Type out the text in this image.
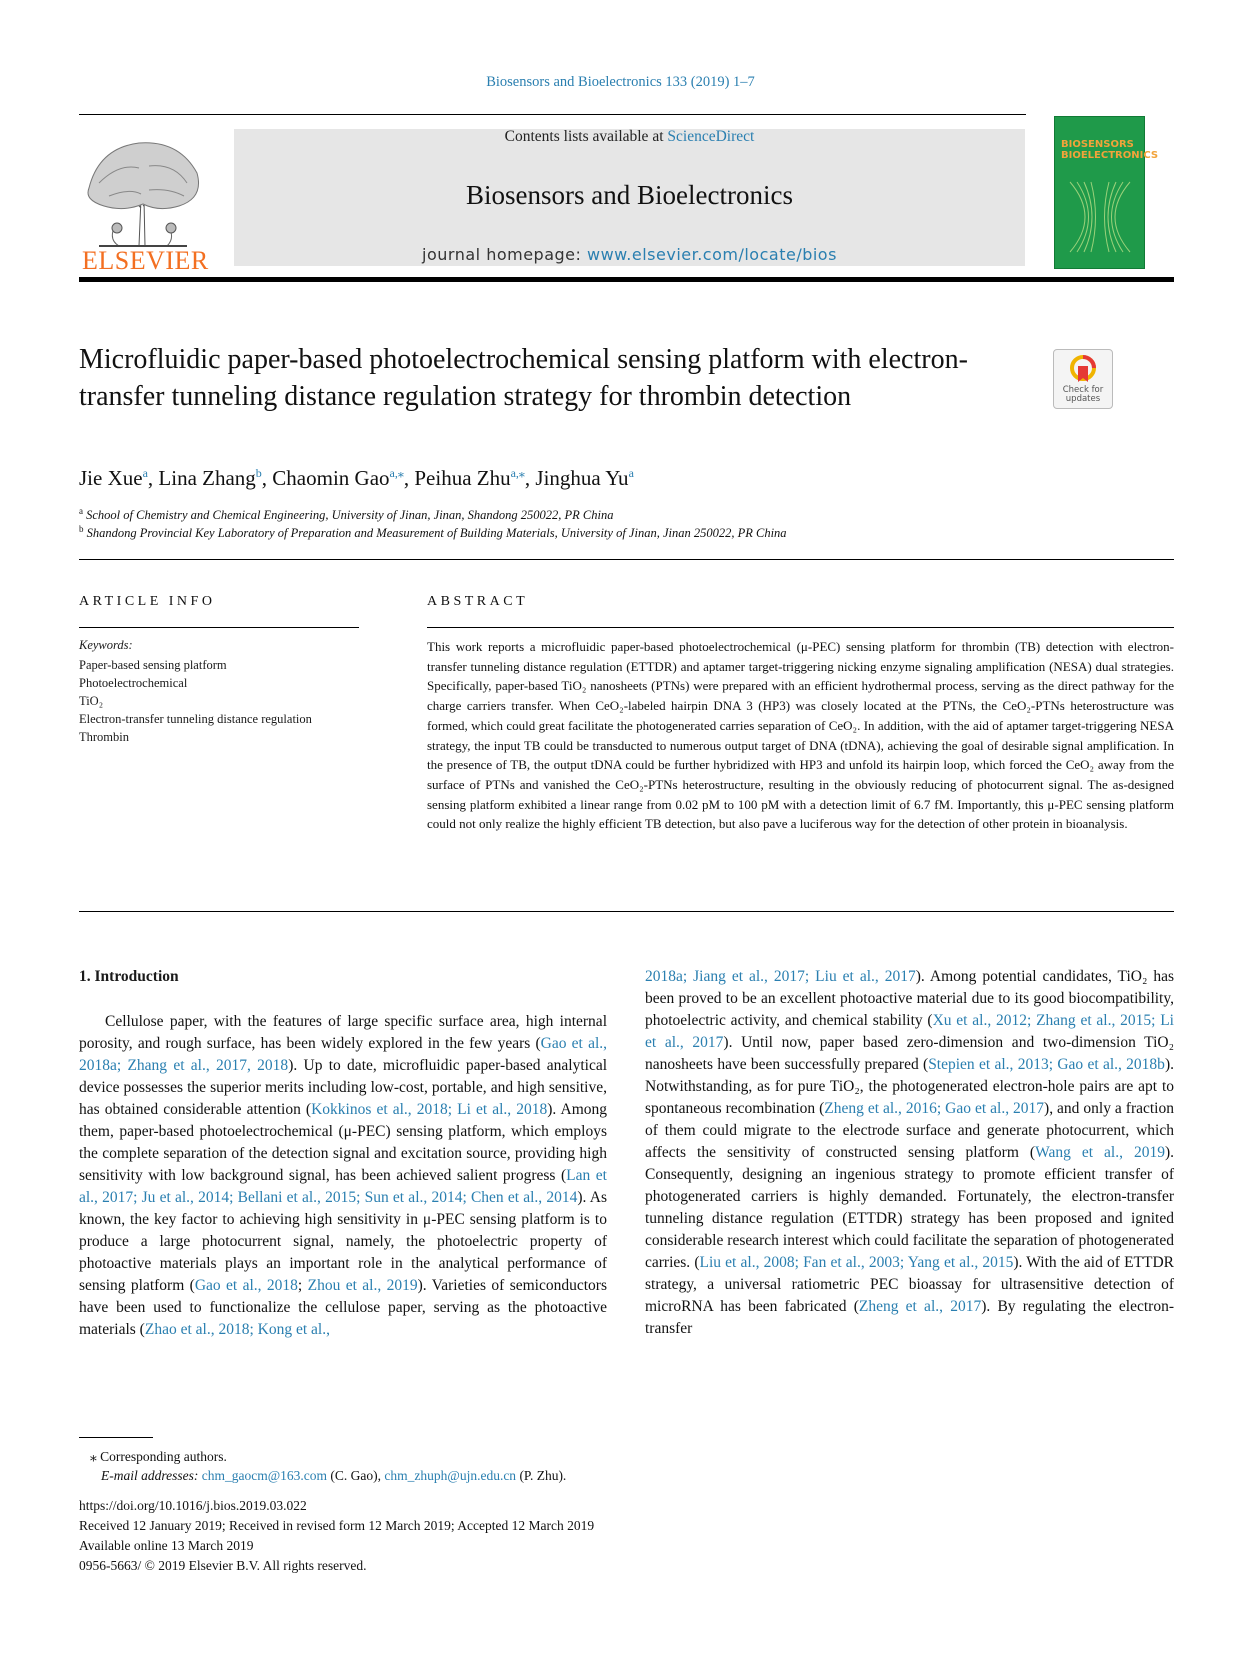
Biosensors and Bioelectronics 133 (2019) 1–7
ELSEVIER
Contents lists available at ScienceDirect
Biosensors and Bioelectronics
journal homepage: www.elsevier.com/locate/bios
BIOSENSORS
BIOELECTRONICS
Microfluidic paper-based photoelectrochemical sensing platform with electron-transfer tunneling distance regulation strategy for thrombin detection	Check for
updates
Jie Xue$^a$, Lina Zhang$^b$, Chaomin Gao$^{a,⁎}$, Peihua Zhu$^{a,⁎}$, Jinghua Yu$^a$
$^a$ School of Chemistry and Chemical Engineering, University of Jinan, Jinan, Shandong 250022, PR China
$^b$ Shandong Provincial Key Laboratory of Preparation and Measurement of Building Materials, University of Jinan, Jinan 250022, PR China
ARTICLE INFO
Keywords:
Paper-based sensing platform
Photoelectrochemical
TiO₂
Electron-transfer tunneling distance regulation
Thrombin
ABSTRACT
This work reports a microfluidic paper-based photoelectrochemical (μ-PEC) sensing platform for thrombin (TB) detection with electron-transfer tunneling distance regulation (ETTDR) and aptamer target-triggering nicking enzyme signaling amplification (NESA) dual strategies. Specifically, paper-based TiO₂ nanosheets (PTNs) were prepared with an efficient hydrothermal process, serving as the direct pathway for the charge carriers transfer. When CeO₂-labeled hairpin DNA 3 (HP3) was closely located at the PTNs, the CeO₂-PTNs heterostructure was formed, which could great facilitate the photogenerated carries separation of CeO₂. In addition, with the aid of aptamer target-triggering NESA strategy, the input TB could be transducted to numerous output target of DNA (tDNA), achieving the goal of desirable signal amplification. In the presence of TB, the output tDNA could be further hybridized with HP3 and unfold its hairpin loop, which forced the CeO₂ away from the surface of PTNs and vanished the CeO₂-PTNs heterostructure, resulting in the obviously reducing of photocurrent signal. The as-designed sensing platform exhibited a linear range from 0.02 pM to 100 pM with a detection limit of 6.7 fM. Importantly, this μ-PEC sensing platform could not only realize the highly efficient TB detection, but also pave a luciferous way for the detection of other protein in bioanalysis.
1. Introduction

Cellulose paper, with the features of large specific surface area, high internal porosity, and rough surface, has been widely explored in the few years (Gao et al., 2018a; Zhang et al., 2017, 2018). Up to date, microfluidic paper-based analytical device possesses the superior merits including low-cost, portable, and high sensitive, has obtained considerable attention (Kokkinos et al., 2018; Li et al., 2018). Among them, paper-based photoelectrochemical (μ-PEC) sensing platform, which employs the complete separation of the detection signal and excitation source, providing high sensitivity with low background signal, has been achieved salient progress (Lan et al., 2017; Ju et al., 2014; Bellani et al., 2015; Sun et al., 2014; Chen et al., 2014). As known, the key factor to achieving high sensitivity in μ-PEC sensing platform is to produce a large photocurrent signal, namely, the photoelectric property of photoactive materials plays an important role in the analytical performance of sensing platform (Gao et al., 2018; Zhou et al., 2019). Varieties of semiconductors have been used to functionalize the cellulose paper, serving as the photoactive materials (Zhao et al., 2018; Kong et al.,

2018a; Jiang et al., 2017; Liu et al., 2017). Among potential candidates, TiO₂ has been proved to be an excellent photoactive material due to its good biocompatibility, photoelectric activity, and chemical stability (Xu et al., 2012; Zhang et al., 2015; Li et al., 2017). Until now, paper based zero-dimension and two-dimension TiO₂ nanosheets have been successfully prepared (Stepien et al., 2013; Gao et al., 2018b). Notwithstanding, as for pure TiO₂, the photogenerated electron-hole pairs are apt to spontaneous recombination (Zheng et al., 2016; Gao et al., 2017), and only a fraction of them could migrate to the electrode surface and generate photocurrent, which affects the sensitivity of constructed sensing platform (Wang et al., 2019). Consequently, designing an ingenious strategy to promote efficient transfer of photogenerated carriers is highly demanded. Fortunately, the electron-transfer tunneling distance regulation (ETTDR) strategy has been proposed and ignited considerable research interest which could facilitate the separation of photogenerated carries. (Liu et al., 2008; Fan et al., 2003; Yang et al., 2015). With the aid of ETTDR strategy, a universal ratiometric PEC bioassay for ultrasensitive detection of microRNA has been fabricated (Zheng et al., 2017). By regulating the electron-transfer

⁎ Corresponding authors.
E-mail addresses: chm_gaocm@163.com (C. Gao), chm_zhuph@ujn.edu.cn (P. Zhu).
https://doi.org/10.1016/j.bios.2019.03.022
Received 12 January 2019; Received in revised form 12 March 2019; Accepted 12 March 2019
Available online 13 March 2019
0956-5663/ © 2019 Elsevier B.V. All rights reserved.
